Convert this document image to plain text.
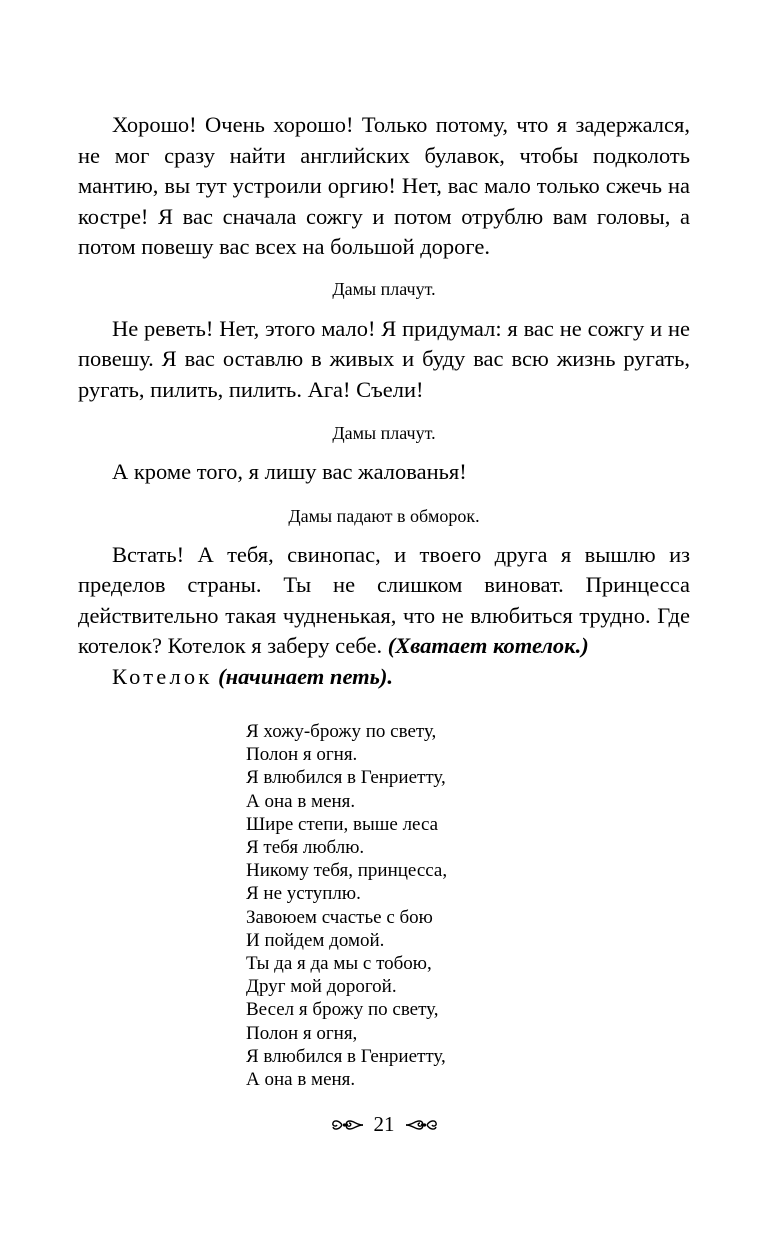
Хорошо! Очень хорошо! Только потому, что я задержался, не мог сразу найти английских булавок, чтобы подколоть мантию, вы тут устроили оргию! Нет, вас мало только сжечь на костре! Я вас сначала сожгу и потом отрублю вам головы, а потом повешу вас всех на большой дороге.

Дамы плачут.

Не реветь! Нет, этого мало! Я придумал: я вас не сожгу и не повешу. Я вас оставлю в живых и буду вас всю жизнь ругать, ругать, пилить, пилить. Ага! Съели!

Дамы плачут.

А кроме того, я лишу вас жалованья!

Дамы падают в обморок.

Встать! А тебя, свинопас, и твоего друга я вышлю из пределов страны. Ты не слишком виноват. Принцесса действительно такая чудненькая, что не влюбиться трудно. Где котелок? Котелок я заберу себе. (Хватает котелок.)

Котелок (начинает петь).

Я хожу-брожу по свету,
Полон я огня.
Я влюбился в Генриетту,
А она в меня.
Шире степи, выше леса
Я тебя люблю.
Никому тебя, принцесса,
Я не уступлю.
Завоюем счастье с бою
И пойдем домой.
Ты да я да мы с тобою,
Друг мой дорогой.
Весел я брожу по свету,
Полон я огня,
Я влюбился в Генриетту,
А она в меня.
21
